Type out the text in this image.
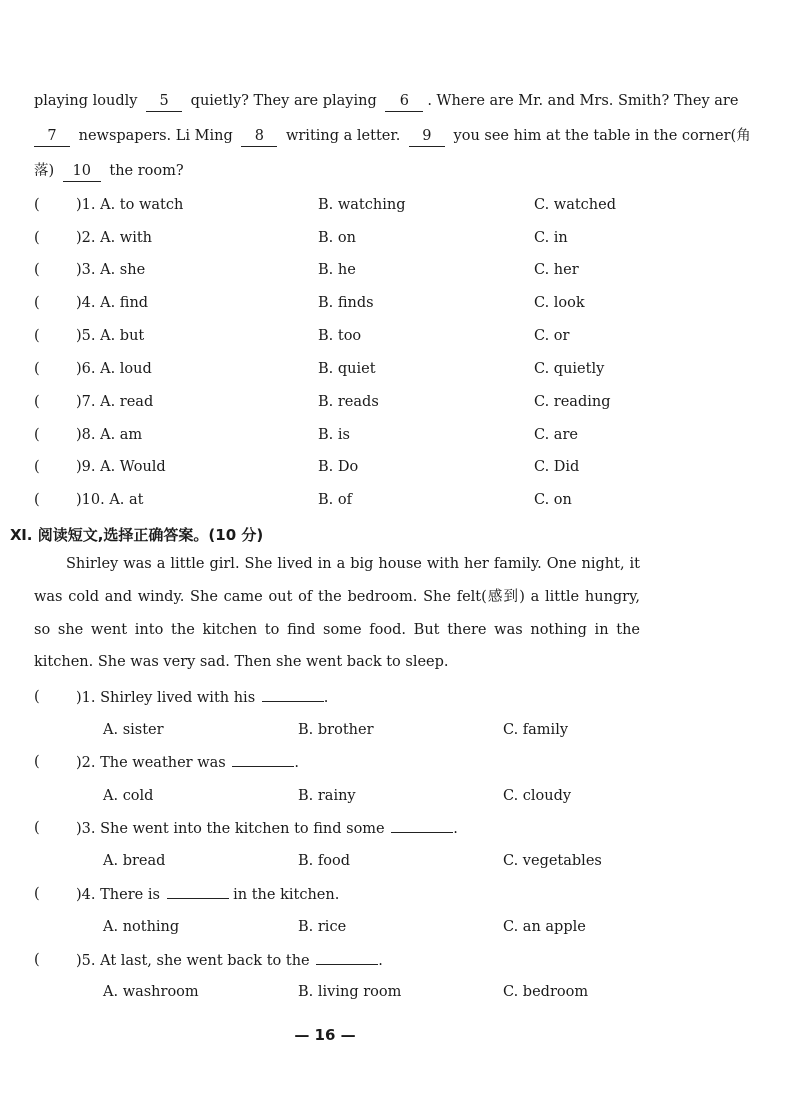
playing loudly 5 quietly? They are playing 6 . Where are Mr. and Mrs. Smith? They are
7 newspapers. Li Ming 8 writing a letter. 9 you see him at the table in the corner(角
落) 10 the room?
(	)1. A. to watch	B. watching	C. watched
(	)2. A. with	B. on	C. in
(	)3. A. she	B. he	C. her
(	)4. A. find	B. finds	C. look
(	)5. A. but	B. too	C. or
(	)6. A. loud	B. quiet	C. quietly
(	)7. A. read	B. reads	C. reading
(	)8. A. am	B. is	C. are
(	)9. A. Would	B. Do	C. Did
(	)10. A. at	B. of	C. on
Ⅺ. 阅读短文,选择正确答案。(10 分)
Shirley was a little girl. She lived in a big house with her family. One night, it was cold and windy. She came out of the bedroom. She felt(感到) a little hungry, so she went into the kitchen to find some food. But there was nothing in the kitchen. She was very sad. Then she went back to sleep.
(	)1. Shirley lived with his	.
A. sister	B. brother	C. family
(	)2. The weather was	.
A. cold	B. rainy	C. cloudy
(	)3. She went into the kitchen to find some	.
A. bread	B. food	C. vegetables
(	)4. There is	in the kitchen.
A. nothing	B. rice	C. an apple
(	)5. At last, she went back to the	.
A. washroom	B. living room	C. bedroom
— 16 —
